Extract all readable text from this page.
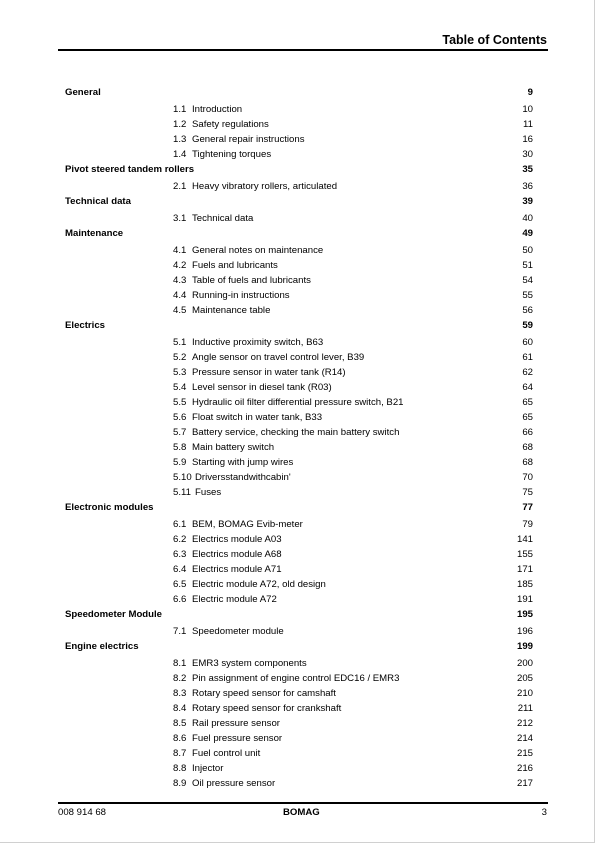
Table of Contents
General	9
1.1 Introduction	10
1.2 Safety regulations	11
1.3 General repair instructions	16
1.4 Tightening torques	30
Pivot steered tandem rollers	35
2.1 Heavy vibratory rollers, articulated	36
Technical data	39
3.1 Technical data	40
Maintenance	49
4.1 General notes on maintenance	50
4.2 Fuels and lubricants	51
4.3 Table of fuels and lubricants	54
4.4 Running-in instructions	55
4.5 Maintenance table	56
Electrics	59
5.1 Inductive proximity switch, B63	60
5.2 Angle sensor on travel control lever, B39	61
5.3 Pressure sensor in water tank (R14)	62
5.4 Level sensor in diesel tank (R03)	64
5.5 Hydraulic oil filter differential pressure switch, B21	65
5.6 Float switch in water tank, B33	65
5.7 Battery service, checking the main battery switch	66
5.8 Main battery switch	68
5.9 Starting with jump wires	68
5.10 Driversstandwithcabin'	70
5.11 Fuses	75
Electronic modules	77
6.1 BEM, BOMAG Evib-meter	79
6.2 Electrics module A03	141
6.3 Electrics module A68	155
6.4 Electrics module A71	171
6.5 Electric module A72, old design	185
6.6 Electric module A72	191
Speedometer Module	195
7.1 Speedometer module	196
Engine electrics	199
8.1 EMR3 system components	200
8.2 Pin assignment of engine control EDC16 / EMR3	205
8.3 Rotary speed sensor for camshaft	210
8.4 Rotary speed sensor for crankshaft	211
8.5 Rail pressure sensor	212
8.6 Fuel pressure sensor	214
8.7 Fuel control unit	215
8.8 Injector	216
8.9 Oil pressure sensor	217
008 914 68	BOMAG	3
